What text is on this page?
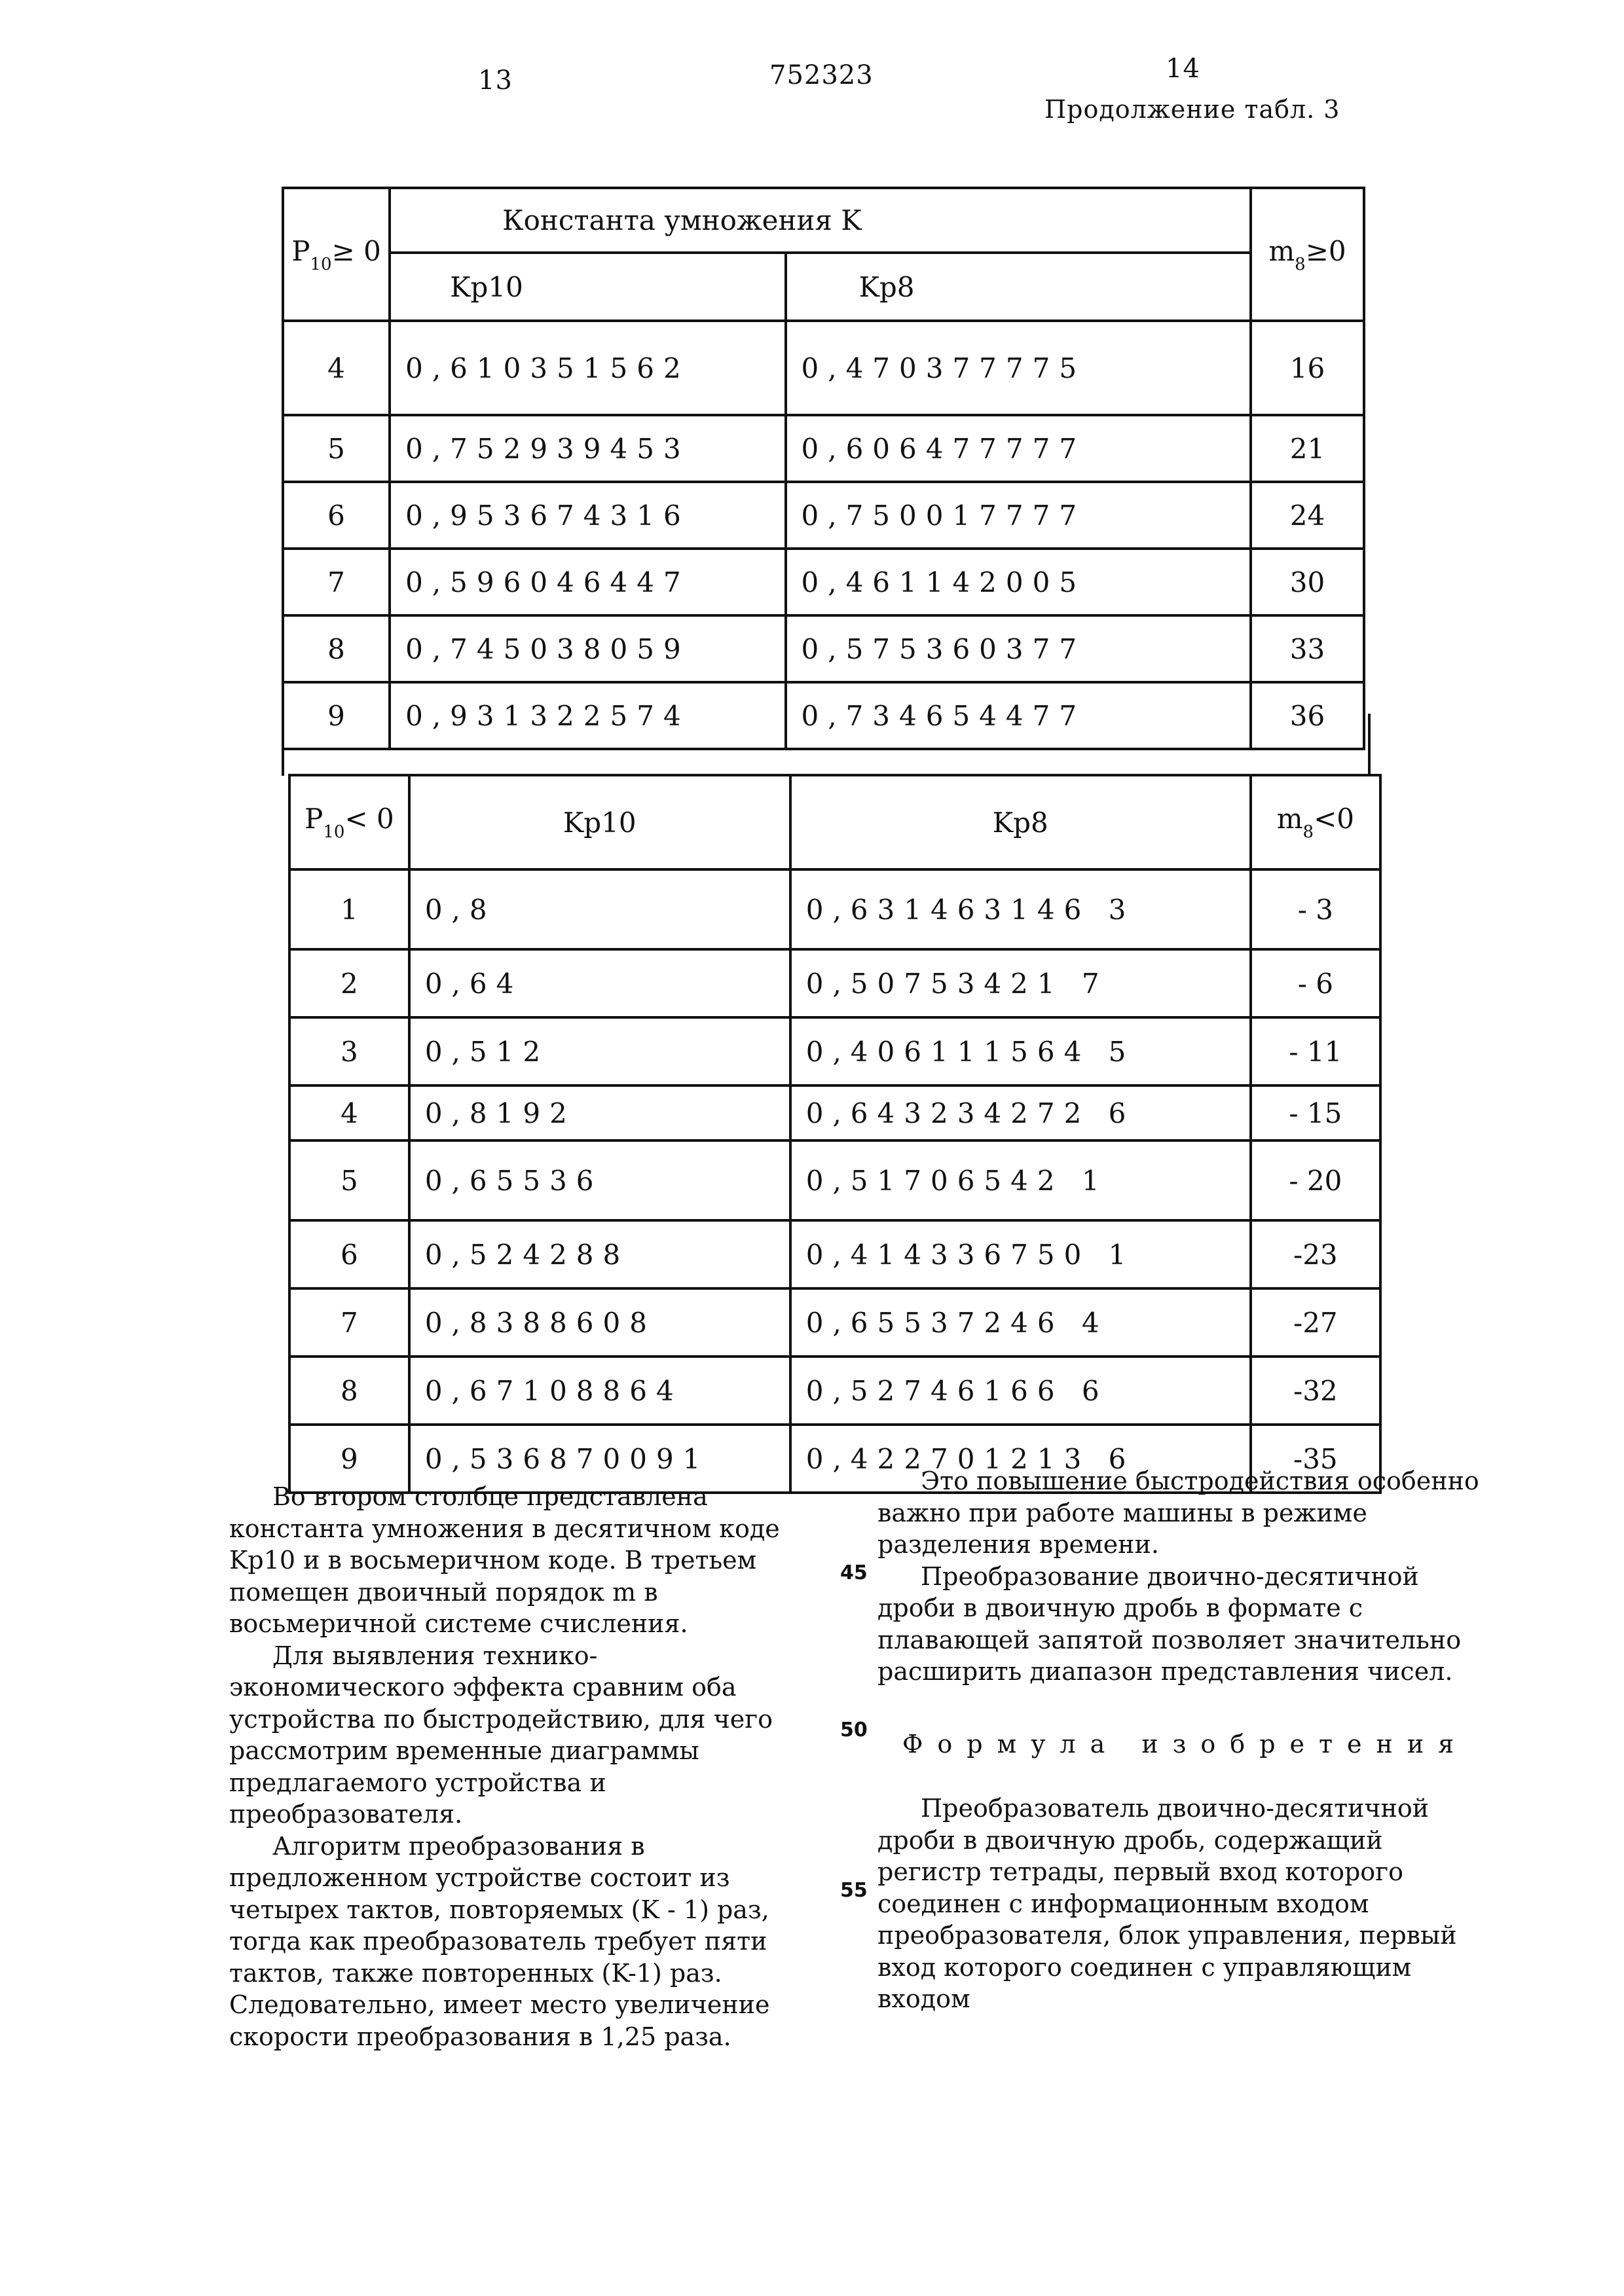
13	752323	14
Продолжение табл. 3
P10≥ 0	Константа умножения K	m8≥0
Kp10	Kp8
4	0,610351562	0,470377775	16
5	0,752939453	0,606477777	21
6	0,953674316	0,750017777	24
7	0,596046447	0,461142005	30
8	0,745038059	0,575360377	33
9	0,931322574	0,734654477	36
P10< 0	Kp10	Kp8	m8<0
1	0,8	0,631463146 3	- 3
2	0,64	0,50753421 7	- 6
3	0,512	0,406111564 5	- 11
4	0,8192	0,643234272 6	- 15
5	0,65536	0,51706542 1	- 20
6	0,524288	0,414336750 1	-23
7	0,8388608	0,65537246 4	-27
8	0,67108864	0,52746166 6	-32
9	0,536870091	0,422701213 6	-35

Во втором столбце представлена константа умножения в десятичном коде Kp10 и в восьмеричном коде. В третьем помещен двоичный порядок m в восьмеричной системе счисления.

Для выявления технико-экономического эффекта сравним оба устройства по быстродействию, для чего рассмотрим временные диаграммы предлагаемого устройства и преобразователя.

Алгоритм преобразования в предложенном устройстве состоит из четырех тактов, повторяемых (K - 1) раз, тогда как преобразователь требует пяти тактов, также повторенных (K-1) раз. Следовательно, имеет место увеличение скорости преобразования в 1,25 раза.

45
50
55

Это повышение быстродействия особенно важно при работе машины в режиме разделения времени.

Преобразование двоично-десятичной дроби в двоичную дробь в формате с плавающей запятой позволяет значительно расширить диапазон представления чисел.

Формула изобретения

Преобразователь двоично-десятичной дроби в двоичную дробь, содержащий регистр тетрады, первый вход которого соединен с информационным входом преобразователя, блок управления, первый вход которого соединен с управляющим входом
